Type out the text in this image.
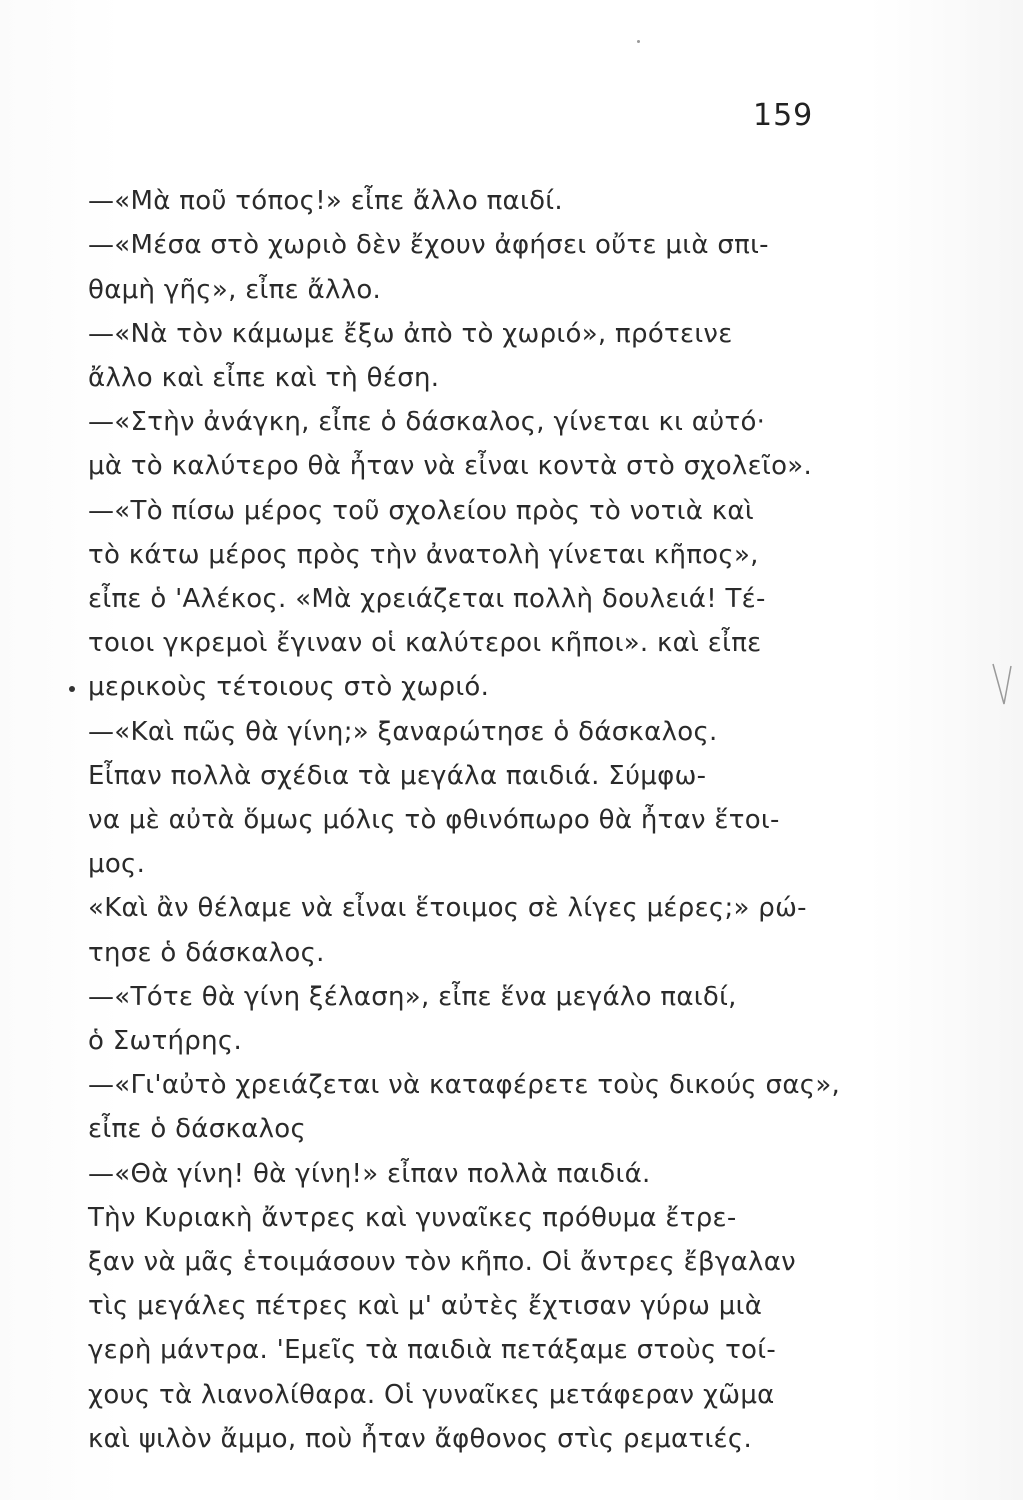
159
—«Μὰ ποῦ τόπος!» εἶπε ἄλλο παιδί.
—«Μέσα στὸ χωριὸ δὲν ἔχουν ἀφήσει οὔτε μιὰ σπι-
θαμὴ γῆς», εἶπε ἄλλο.
—«Νὰ τὸν κάμωμε ἔξω ἀπὸ τὸ χωριό», πρότεινε
ἄλλο καὶ εἶπε καὶ τὴ θέση.
—«Στὴν ἀνάγκη, εἶπε ὁ δάσκαλος, γίνεται κι αὐτό·
μὰ τὸ καλύτερο θὰ ἦταν νὰ εἶναι κοντὰ στὸ σχολεῖο».
—«Τὸ πίσω μέρος τοῦ σχολείου πρὸς τὸ νοτιὰ καὶ
τὸ κάτω μέρος πρὸς τὴν ἀνατολὴ γίνεται κῆπος»,
εἶπε ὁ 'Αλέκος. «Μὰ χρειάζεται πολλὴ δουλειά! Τέ-
τοιοι γκρεμοὶ ἔγιναν οἱ καλύτεροι κῆποι». καὶ εἶπε
μερικοὺς τέτοιους στὸ χωριό.
—«Καὶ πῶς θὰ γίνη;» ξαναρώτησε ὁ δάσκαλος.
Εἶπαν πολλὰ σχέδια τὰ μεγάλα παιδιά. Σύμφω-
να μὲ αὐτὰ ὅμως μόλις τὸ φθινόπωρο θὰ ἦταν ἕτοι-
μος.
«Καὶ ἂν θέλαμε νὰ εἶναι ἕτοιμος σὲ λίγες μέρες;» ρώ-
τησε ὁ δάσκαλος.
—«Τότε θὰ γίνη ξέλαση», εἶπε ἕνα μεγάλο παιδί,
ὁ Σωτήρης.
—«Γι'αὐτὸ χρειάζεται νὰ καταφέρετε τοὺς δικούς σας»,
εἶπε ὁ δάσκαλος
—«Θὰ γίνη! θὰ γίνη!» εἶπαν πολλὰ παιδιά.
Τὴν Κυριακὴ ἄντρες καὶ γυναῖκες πρόθυμα ἔτρε-
ξαν νὰ μᾶς ἑτοιμάσουν τὸν κῆπο. Οἱ ἄντρες ἔβγαλαν
τὶς μεγάλες πέτρες καὶ μ' αὐτὲς ἔχτισαν γύρω μιὰ
γερὴ μάντρα. 'Εμεῖς τὰ παιδιὰ πετάξαμε στοὺς τοί-
χους τὰ λιανολίθαρα. Οἱ γυναῖκες μετάφεραν χῶμα
καὶ ψιλὸν ἄμμο, ποὺ ἦταν ἄφθονος στὶς ρεματιές.
